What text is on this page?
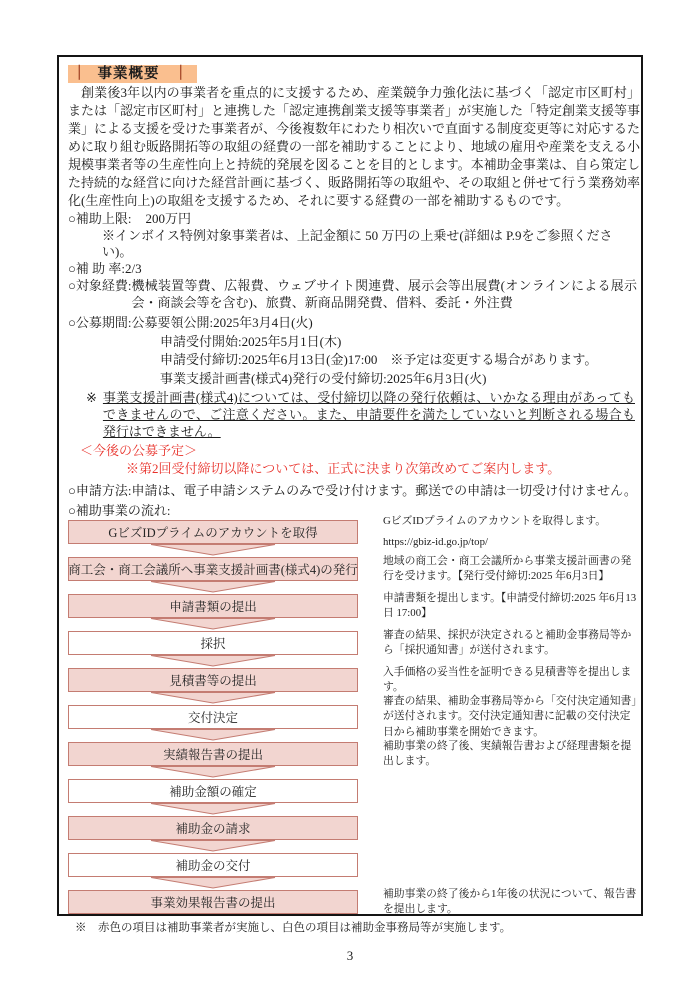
｜ 事業概要 ｜
創業後3年以内の事業者を重点的に支援するため、産業競争力強化法に基づく「認定市区町村」または「認定市区町村」と連携した「認定連携創業支援等事業者」が実施した「特定創業支援等事業」による支援を受けた事業者が、今後複数年にわたり相次いで直面する制度変更等に対応するために取り組む販路開拓等の取組の経費の一部を補助することにより、地域の雇用や産業を支える小規模事業者等の生産性向上と持続的発展を図ることを目的とします。本補助金事業は、自ら策定した持続的な経営に向けた経営計画に基づく、販路開拓等の取組や、その取組と併せて行う業務効率化(生産性向上)の取組を支援するため、それに要する経費の一部を補助するものです。
○補助上限: 200万円
※インボイス特例対象事業者は、上記金額に 50 万円の上乗せ(詳細は P.9をご参照ください)。
○補 助 率:2/3
○対象経費: 機械装置等費、広報費、ウェブサイト関連費、展示会等出展費(オンラインによる展示会・商談会等を含む)、旅費、新商品開発費、借料、委託・外注費
○公募期間: 公募要領公開:2025年3月4日(火)
申請受付開始:2025年5月1日(木)
申請受付締切:2025年6月13日(金)17:00　※予定は変更する場合があります。
事業支援計画書(様式4)発行の受付締切:2025年6月3日(火)
※ 事業支援計画書(様式4)については、受付締切以降の発行依頼は、いかなる理由があってもできませんので、ご注意ください。また、申請要件を満たしていないと判断される場合も発行はできません。
＜今後の公募予定＞
※第2回受付締切以降については、正式に決まり次第改めてご案内します。
○申請方法:申請は、電子申請システムのみで受け付けます。郵送での申請は一切受け付けません。
○補助事業の流れ:
GビズIDプライムのアカウントを取得

GビズIDプライムのアカウントを取得します。

https://gbiz-id.go.jp/top/

商工会・商工会議所へ事業支援計画書(様式4)の発行

地域の商工会・商工会議所から事業支援計画書の発行を受けます。【発行受付締切:2025 年6月3日】

申請書類の提出

申請書類を提出します。【申請受付締切:2025 年6月13日 17:00】

採択

審査の結果、採択が決定されると補助金事務局等から「採択通知書」が送付されます。

見積書等の提出

入手価格の妥当性を証明できる見積書等を提出します。

交付決定

審査の結果、補助金事務局等から「交付決定通知書」が送付されます。交付決定通知書に記載の交付決定日から補助事業を開始できます。

実績報告書の提出

補助事業の終了後、実績報告書および経理書類を提出します。

補助金額の確定
補助金の請求
補助金の交付
事業効果報告書の提出

補助事業の終了後から1年後の状況について、報告書を提出します。

※　赤色の項目は補助事業者が実施し、白色の項目は補助金事務局等が実施します。
3
